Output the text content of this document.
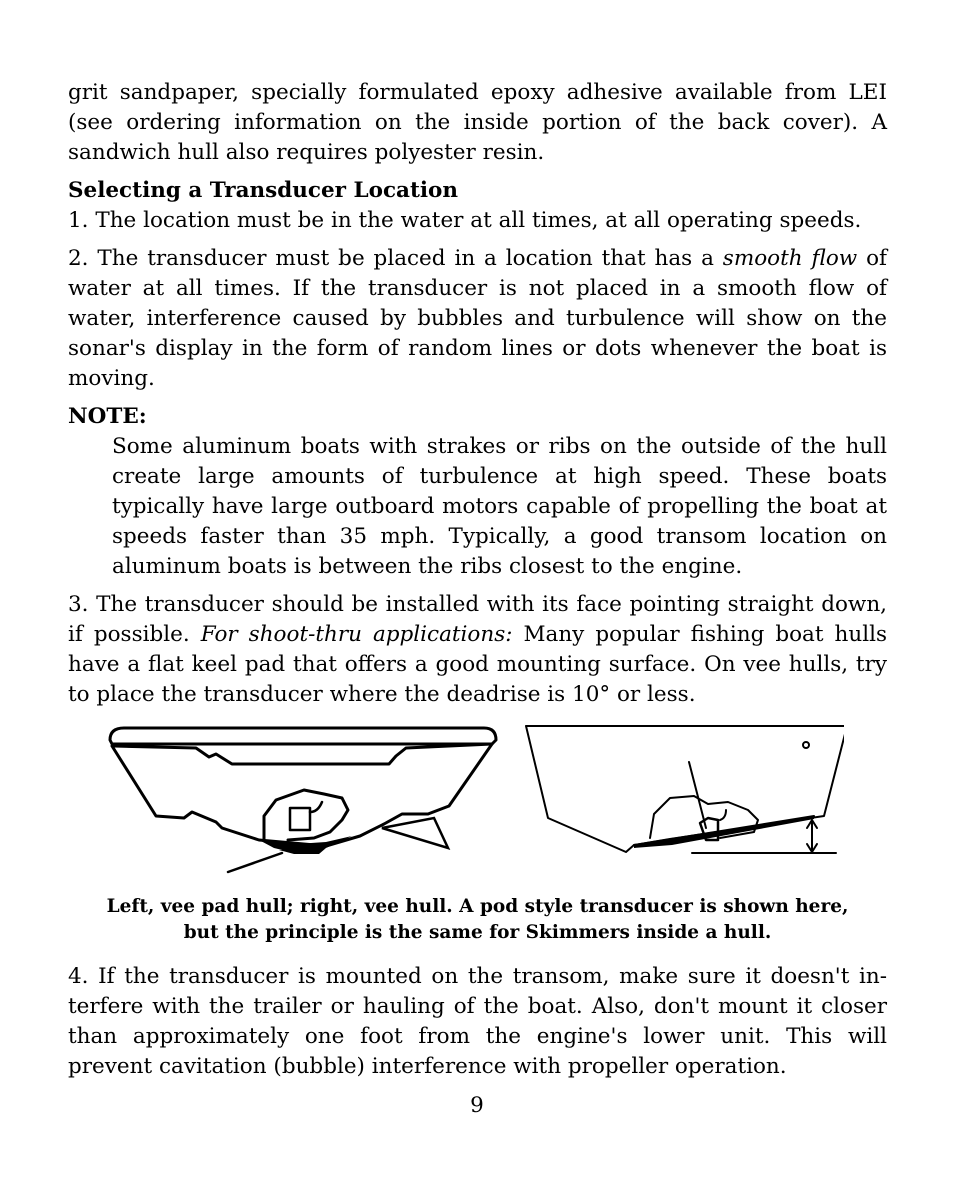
grit sandpaper, specially formulated epoxy adhesive available from LEI (see ordering information on the inside portion of the back cover). A sandwich hull also requires polyester resin.

Selecting a Transducer Location

1. The location must be in the water at all times, at all operating speeds.

2. The transducer must be placed in a location that has a smooth flow of water at all times. If the transducer is not placed in a smooth flow of water, interference caused by bubbles and turbulence will show on the sonar's display in the form of random lines or dots whenever the boat is moving.

NOTE:

Some aluminum boats with strakes or ribs on the outside of the hull create large amounts of turbulence at high speed. These boats typically have large outboard motors capable of propelling the boat at speeds faster than 35 mph. Typically, a good transom location on aluminum boats is between the ribs closest to the engine.

3. The transducer should be installed with its face pointing straight down, if possible. For shoot-thru applications: Many popular fishing boat hulls have a flat keel pad that offers a good mounting surface. On vee hulls, try to place the transducer where the deadrise is 10° or less.

Left, vee pad hull; right, vee hull. A pod style transducer is shown here,
but the principle is the same for Skimmers inside a hull.

4. If the transducer is mounted on the transom, make sure it doesn't in-terfere with the trailer or hauling of the boat. Also, don't mount it closer than approximately one foot from the engine's lower unit. This will prevent cavitation (bubble) interference with propeller operation.

9
